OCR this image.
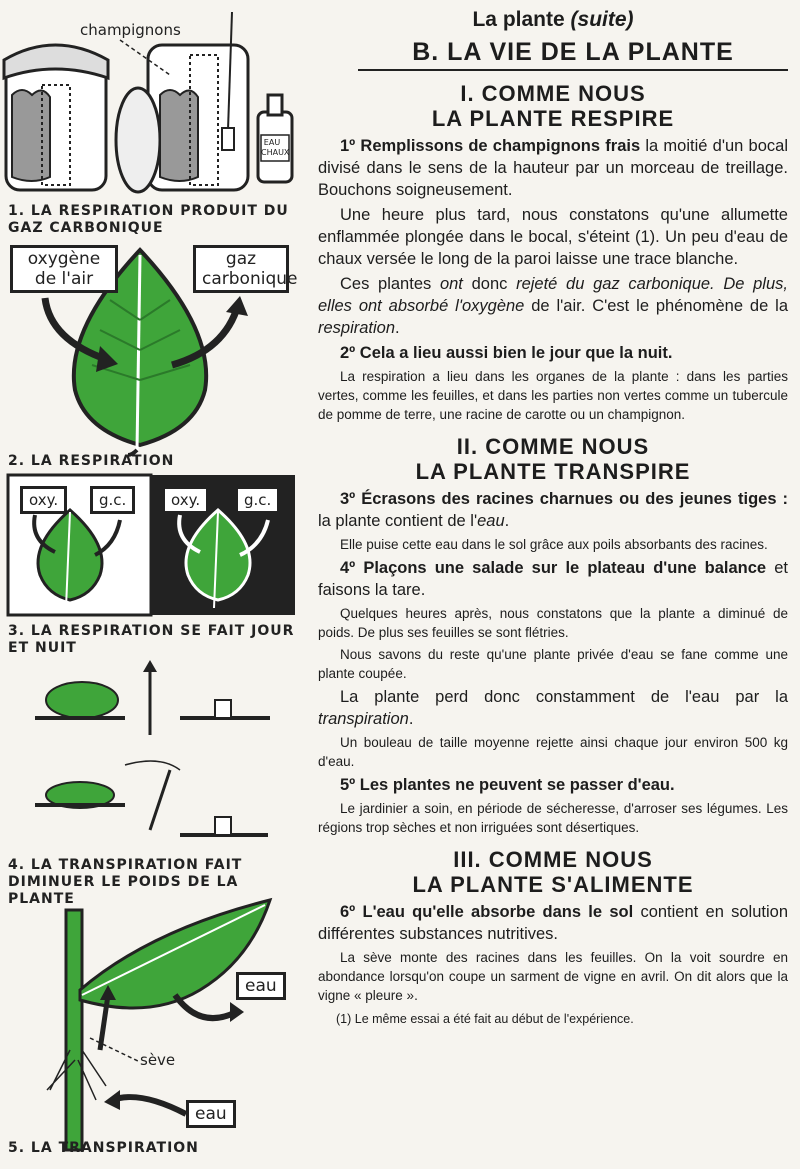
champignons
EAU CHAUX
1. LA RESPIRATION PRODUIT DU GAZ CARBONIQUE
oxygène de l'air
gaz carbonique
2. LA RESPIRATION
oxy.	g.c.	oxy.	g.c.
3. LA RESPIRATION SE FAIT JOUR ET NUIT
4. LA TRANSPIRATION FAIT DIMINUER LE POIDS DE LA PLANTE
eau
sève
eau
5. LA TRANSPIRATION
La plante (suite)
B. LA VIE DE LA PLANTE
I. COMME NOUS
LA PLANTE RESPIRE

1º Remplissons de champignons frais la moitié d'un bocal divisé dans le sens de la hauteur par un morceau de treillage. Bouchons soigneusement.

Une heure plus tard, nous constatons qu'une allumette enflammée plongée dans le bocal, s'éteint (1). Un peu d'eau de chaux versée le long de la paroi laisse une trace blanche.

Ces plantes ont donc rejeté du gaz carbonique. De plus, elles ont absorbé l'oxygène de l'air. C'est le phénomène de la respiration.

2º Cela a lieu aussi bien le jour que la nuit.

La respiration a lieu dans les organes de la plante : dans les parties vertes, comme les feuilles, et dans les parties non vertes comme un tubercule de pomme de terre, une racine de carotte ou un champignon.

II. COMME NOUS
LA PLANTE TRANSPIRE

3º Écrasons des racines charnues ou des jeunes tiges : la plante contient de l'eau.

Elle puise cette eau dans le sol grâce aux poils absorbants des racines.

4º Plaçons une salade sur le plateau d'une balance et faisons la tare.

Quelques heures après, nous constatons que la plante a diminué de poids. De plus ses feuilles se sont flétries.

Nous savons du reste qu'une plante privée d'eau se fane comme une plante coupée.

La plante perd donc constamment de l'eau par la transpiration.

Un bouleau de taille moyenne rejette ainsi chaque jour environ 500 kg d'eau.

5º Les plantes ne peuvent se passer d'eau.

Le jardinier a soin, en période de sécheresse, d'arroser ses légumes. Les régions trop sèches et non irriguées sont désertiques.

III. COMME NOUS
LA PLANTE S'ALIMENTE

6º L'eau qu'elle absorbe dans le sol contient en solution différentes substances nutritives.

La sève monte des racines dans les feuilles. On la voit sourdre en abondance lorsqu'on coupe un sarment de vigne en avril. On dit alors que la vigne « pleure ».

(1) Le même essai a été fait au début de l'expérience.
